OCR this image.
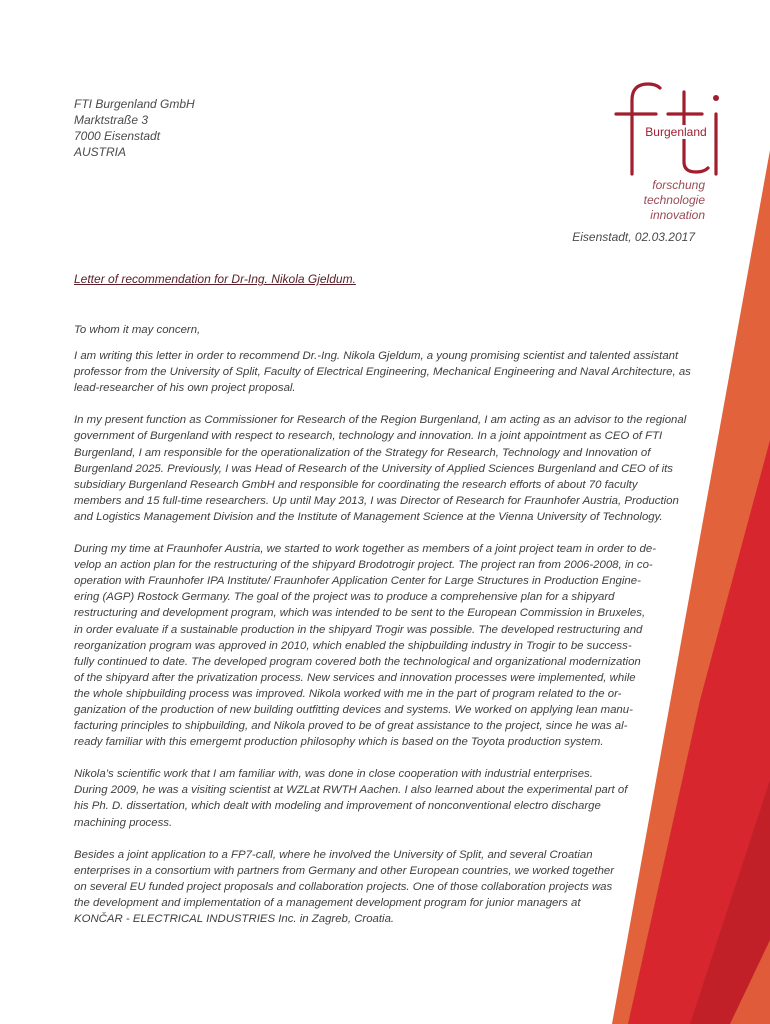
FTI Burgenland GmbH
Marktstraße 3
7000 Eisenstadt
AUSTRIA
Burgenland
forschung
technologie
innovation
Eisenstadt, 02.03.2017
Letter of recommendation for Dr-Ing. Nikola Gjeldum.

To whom it may concern,

I am writing this letter in order to recommend Dr.-Ing. Nikola Gjeldum, a young promising scientist and talented assistant
professor from the University of Split, Faculty of Electrical Engineering, Mechanical Engineering and Naval Architecture, as
lead-researcher of his own project proposal.

In my present function as Commissioner for Research of the Region Burgenland, I am acting as an advisor to the regional
government of Burgenland with respect to research, technology and innovation. In a joint appointment as CEO of FTI
Burgenland, I am responsible for the operationalization of the Strategy for Research, Technology and Innovation of
Burgenland 2025. Previously, I was Head of Research of the University of Applied Sciences Burgenland and CEO of its
subsidiary Burgenland Research GmbH and responsible for coordinating the research efforts of about 70 faculty
members and 15 full-time researchers. Up until May 2013, I was Director of Research for Fraunhofer Austria, Production
and Logistics Management Division and the Institute of Management Science at the Vienna University of Technology.

During my time at Fraunhofer Austria, we started to work together as members of a joint project team in order to de-
velop an action plan for the restructuring of the shipyard Brodotrogir project. The project ran from 2006-2008, in co-
operation with Fraunhofer IPA Institute/ Fraunhofer Application Center for Large Structures in Production Engine-
ering (AGP) Rostock Germany. The goal of the project was to produce a comprehensive plan for a shipyard
restructuring and development program, which was intended to be sent to the European Commission in Bruxeles,
in order evaluate if a sustainable production in the shipyard Trogir was possible. The developed restructuring and
reorganization program was approved in 2010, which enabled the shipbuilding industry in Trogir to be success-
fully continued to date. The developed program covered both the technological and organizational modernization
of the shipyard after the privatization process. New services and innovation processes were implemented, while
the whole shipbuilding process was improved. Nikola worked with me in the part of program related to the or-
ganization of the production of new building outfitting devices and systems. We worked on applying lean manu-
facturing principles to shipbuilding, and Nikola proved to be of great assistance to the project, since he was al-
ready familiar with this emergemt production philosophy which is based on the Toyota production system.

Nikola’s scientific work that I am familiar with, was done in close cooperation with industrial enterprises.
During 2009, he was a visiting scientist at WZLat RWTH Aachen. I also learned about the experimental part of
his Ph. D. dissertation, which dealt with modeling and improvement of nonconventional electro discharge
machining process.

Besides a joint application to a FP7-call, where he involved the University of Split, and several Croatian
enterprises in a consortium with partners from Germany and other European countries, we worked together
on several EU funded project proposals and collaboration projects. One of those collaboration projects was
the development and implementation of a management development program for junior managers at
KONČAR - ELECTRICAL INDUSTRIES Inc. in Zagreb, Croatia.
